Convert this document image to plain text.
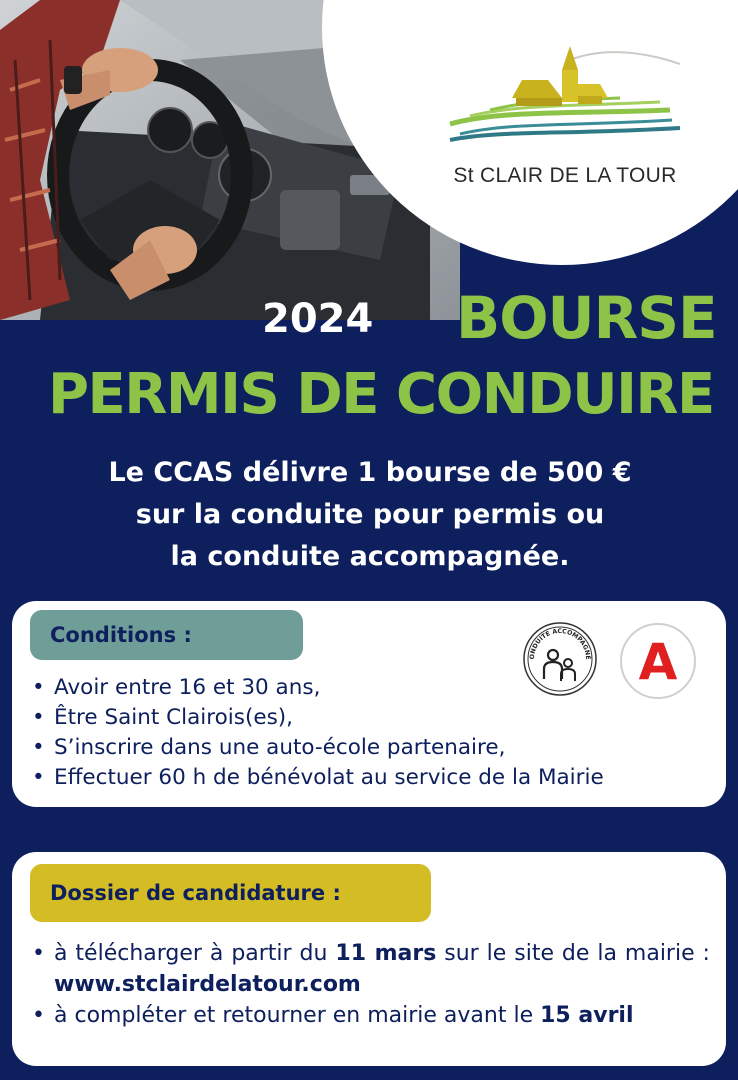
St CLAIR DE LA TOUR
2024 BOURSE
PERMIS DE CONDUIRE
Le CCAS délivre 1 bourse de 500 €
sur la conduite pour permis ou
la conduite accompagnée.
Conditions :
ONDUITE ACCOMPAGNÉ A
• Avoir entre 16 et 30 ans,
• Être Saint Clairois(es),
• S’inscrire dans une auto-école partenaire,
• Effectuer 60 h de bénévolat au service de la Mairie
Dossier de candidature :
• à télécharger à partir du 11 mars sur le site de la mairie : www.stclairdelatour.com
• à compléter et retourner en mairie avant le 15 avril
